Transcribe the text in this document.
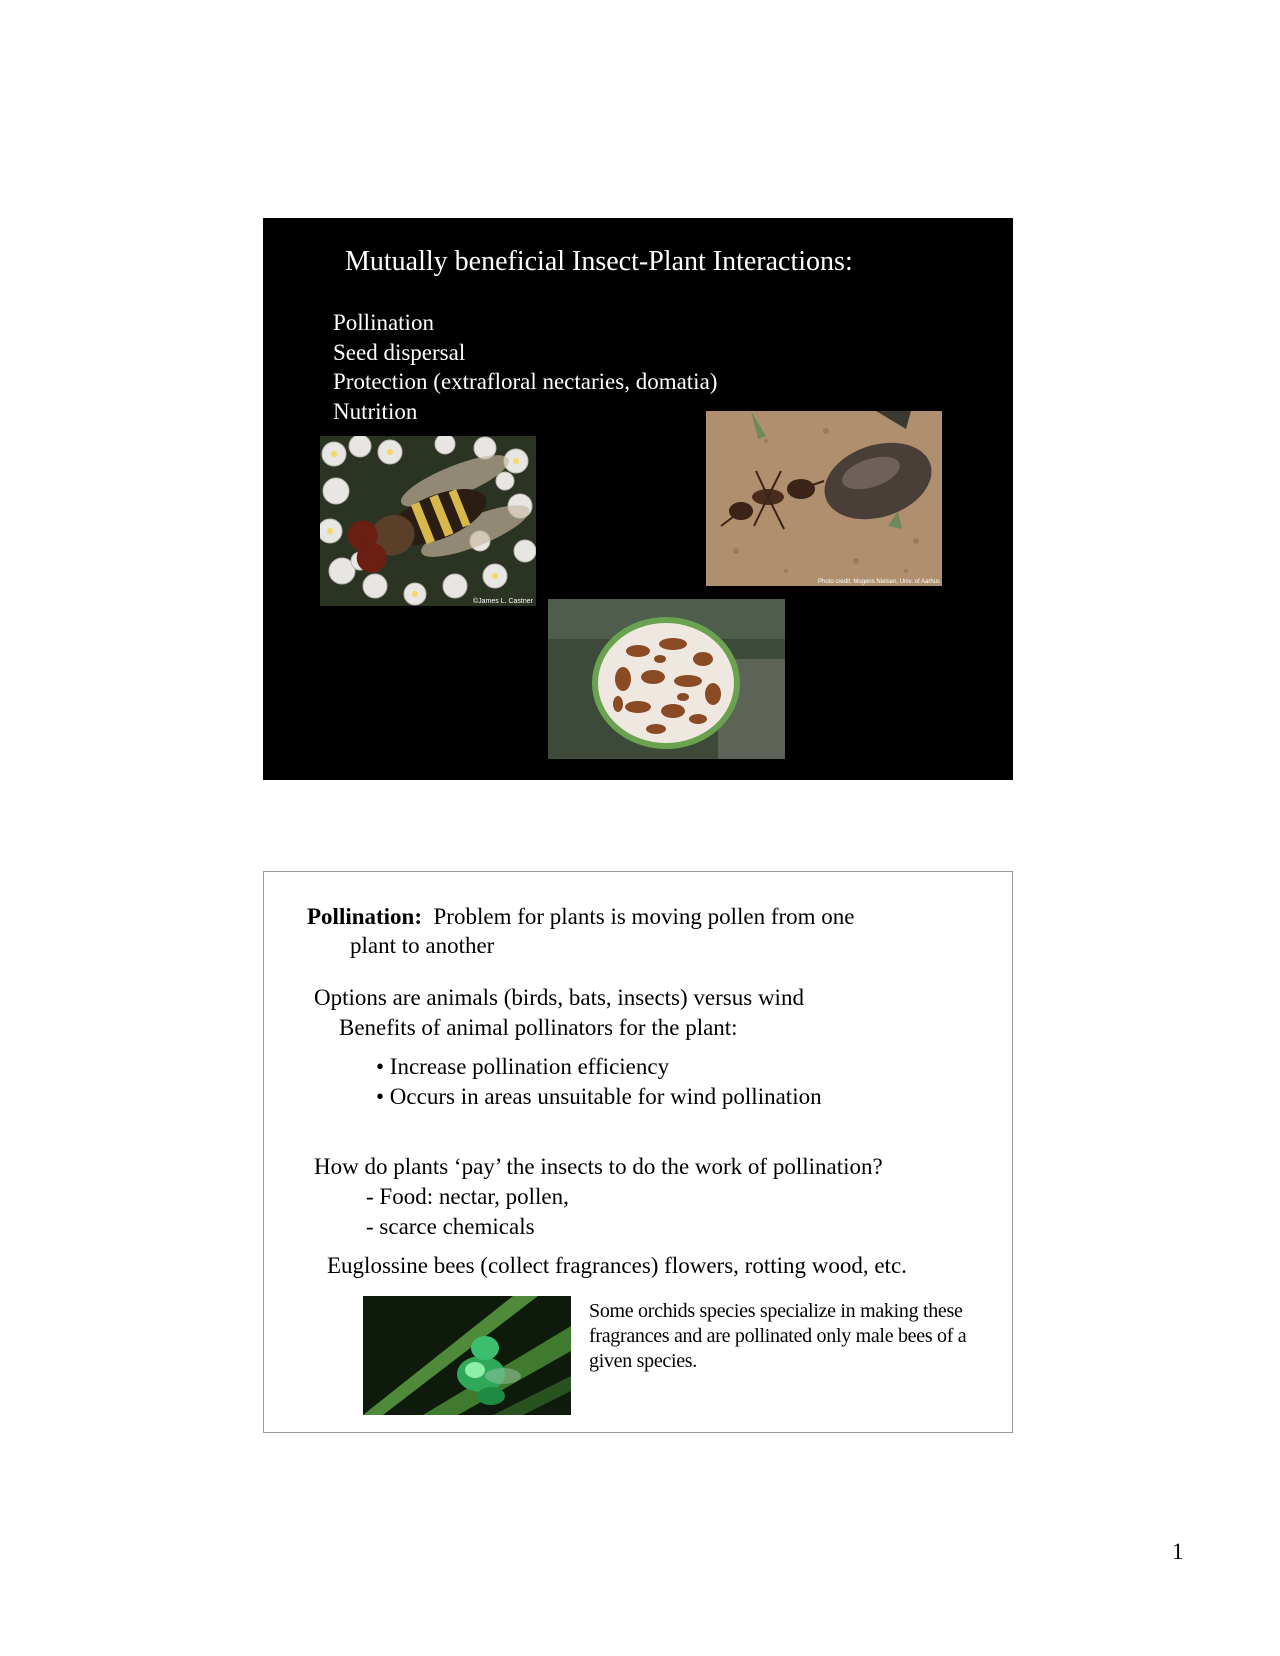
Mutually beneficial Insect-Plant Interactions:
Pollination
Seed dispersal
Protection (extrafloral nectaries, domatia)
Nutrition
©James L. Castner
Photo credit: Mogens Nielsen, Univ. of Aarhus
Pollination: Problem for plants is moving pollen from one
plant to another
Options are animals (birds, bats, insects) versus wind
Benefits of animal pollinators for the plant:
• Increase pollination efficiency
• Occurs in areas unsuitable for wind pollination
How do plants ‘pay’ the insects to do the work of pollination?
- Food: nectar, pollen,
- scarce chemicals
Euglossine bees (collect fragrances) flowers, rotting wood, etc.
Some orchids species specialize in making these fragrances and are pollinated only male bees of a given species.
1
